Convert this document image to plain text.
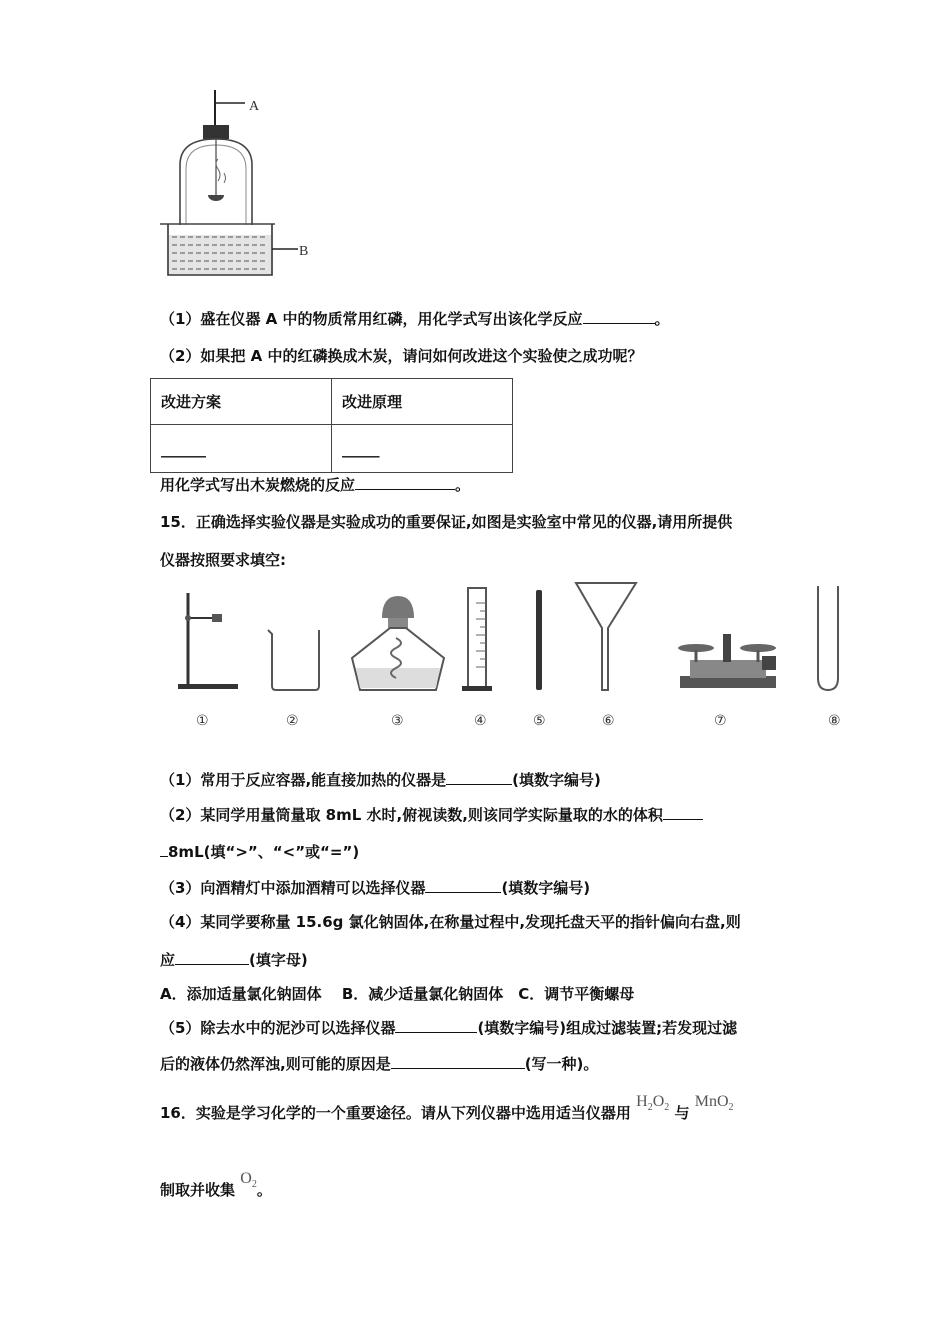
A
B
（1）盛在仪器 A 中的物质常用红磷，用化学式写出该化学反应	。
（2）如果把 A 中的红磷换成木炭，请问如何改进这个实验使之成功呢？
改进方案	改进原理
______	_____
用化学式写出木炭燃烧的反应	。
15．正确选择实验仪器是实验成功的重要保证,如图是实验室中常见的仪器,请用所提供
仪器按照要求填空:
①	②	③	④	⑤	⑥	⑦	⑧
（1）常用于反应容器,能直接加热的仪器是	(填数字编号)
（2）某同学用量筒量取 8mL 水时,俯视读数,则该同学实际量取的水的体积
8mL(填“>”、“<”或“=”)
（3）向酒精灯中添加酒精可以选择仪器	(填数字编号)
（4）某同学要称量 15.6g 氯化钠固体,在称量过程中,发现托盘天平的指针偏向右盘,则
应	(填字母)
A．添加适量氯化钠固体　 B．减少适量氯化钠固体　C．调节平衡螺母
（5）除去水中的泥沙可以选择仪器	(填数字编号)组成过滤装置;若发现过滤
后的液体仍然浑浊,则可能的原因是	(写一种)。
16．实验是学习化学的一个重要途径。请从下列仪器中选用适当仪器用 $H_2O_2$ 与 MnO$_2$
制取并收集 $O_2$。
